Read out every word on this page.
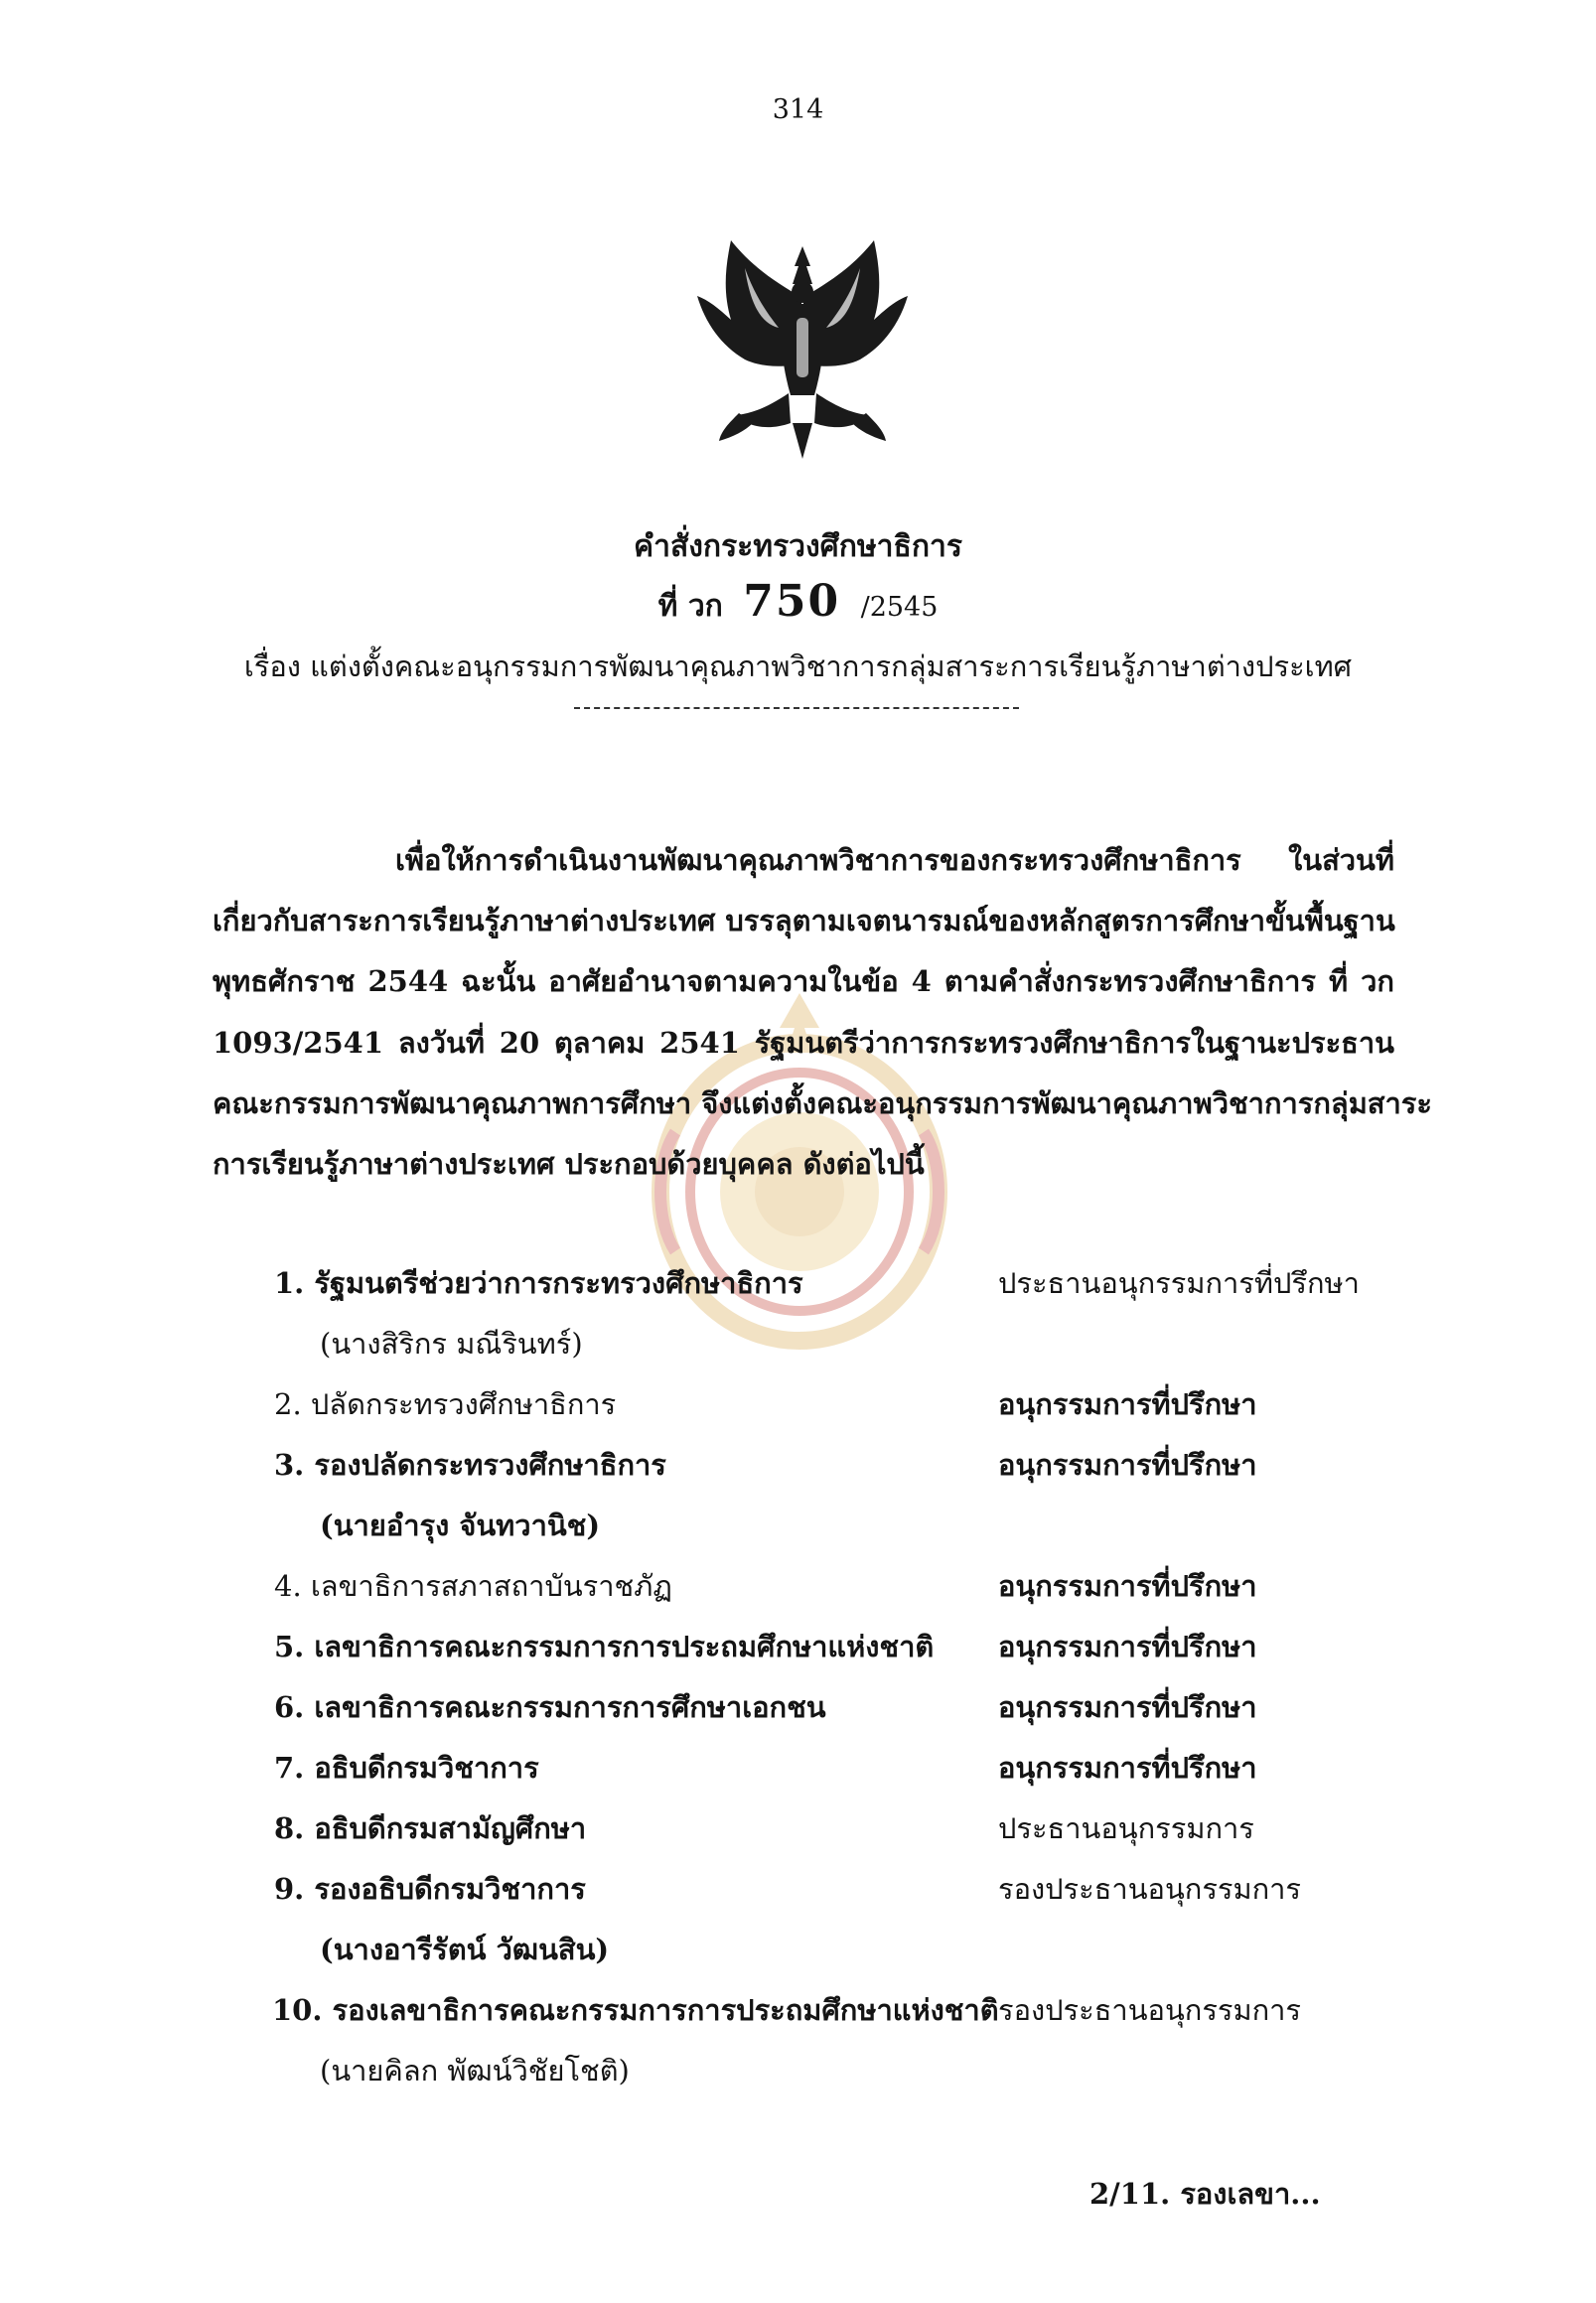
314
คำสั่งกระทรวงศึกษาธิการ
ที่ วก 750 /2545
เรื่อง แต่งตั้งคณะอนุกรรมการพัฒนาคุณภาพวิชาการกลุ่มสาระการเรียนรู้ภาษาต่างประเทศ
เพื่อให้การดำเนินงานพัฒนาคุณภาพวิชาการของกระทรวงศึกษาธิการ ในส่วนที่
เกี่ยวกับสาระการเรียนรู้ภาษาต่างประเทศ บรรลุตามเจตนารมณ์ของหลักสูตรการศึกษาขั้นพื้นฐาน
พุทธศักราช 2544 ฉะนั้น อาศัยอำนาจตามความในข้อ 4 ตามคำสั่งกระทรวงศึกษาธิการ ที่ วก
1093/2541 ลงวันที่ 20 ตุลาคม 2541 รัฐมนตรีว่าการกระทรวงศึกษาธิการในฐานะประธาน
คณะกรรมการพัฒนาคุณภาพการศึกษา จึงแต่งตั้งคณะอนุกรรมการพัฒนาคุณภาพวิชาการกลุ่มสาระ
การเรียนรู้ภาษาต่างประเทศ ประกอบด้วยบุคคล ดังต่อไปนี้
1. รัฐมนตรีช่วยว่าการกระทรวงศึกษาธิการ	ประธานอนุกรรมการที่ปรึกษา
(นางสิริกร มณีรินทร์)
2. ปลัดกระทรวงศึกษาธิการ	อนุกรรมการที่ปรึกษา
3. รองปลัดกระทรวงศึกษาธิการ	อนุกรรมการที่ปรึกษา
(นายอำรุง จันทวานิช)
4. เลขาธิการสภาสถาบันราชภัฏ	อนุกรรมการที่ปรึกษา
5. เลขาธิการคณะกรรมการการประถมศึกษาแห่งชาติ อนุกรรมการที่ปรึกษา
6. เลขาธิการคณะกรรมการการศึกษาเอกชน	อนุกรรมการที่ปรึกษา
7. อธิบดีกรมวิชาการ	อนุกรรมการที่ปรึกษา
8. อธิบดีกรมสามัญศึกษา	ประธานอนุกรรมการ
9. รองอธิบดีกรมวิชาการ	รองประธานอนุกรรมการ
(นางอารีรัตน์ วัฒนสิน)
10. รองเลขาธิการคณะกรรมการการประถมศึกษาแห่งชาติ รองประธานอนุกรรมการ
(นายคิลก พัฒน์วิชัยโชติ)
2/11. รองเลขา...
